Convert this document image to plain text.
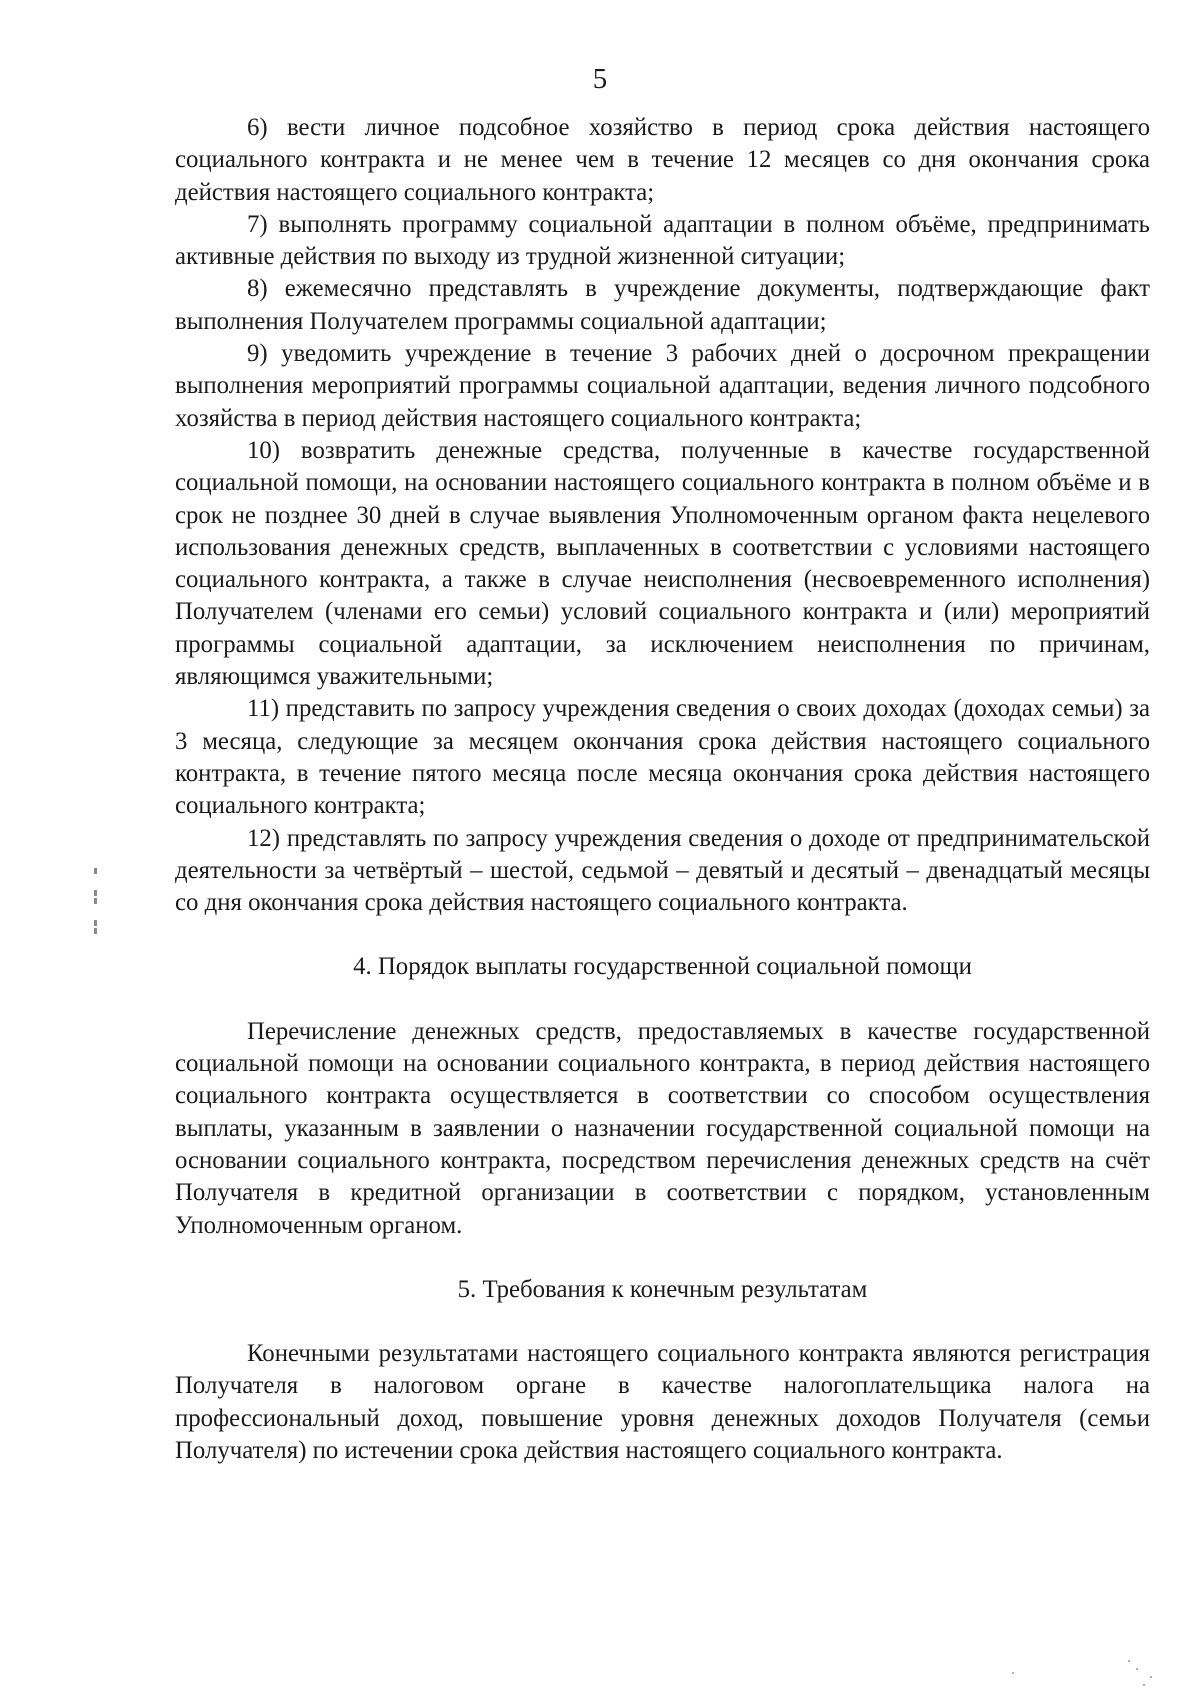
5

6) вести личное подсобное хозяйство в период срока действия настоящего социального контракта и не менее чем в течение 12 месяцев со дня окончания срока действия настоящего социального контракта;

7) выполнять программу социальной адаптации в полном объёме, предпринимать активные действия по выходу из трудной жизненной ситуации;

8) ежемесячно представлять в учреждение документы, подтверждающие факт выполнения Получателем программы социальной адаптации;

9) уведомить учреждение в течение 3 рабочих дней о досрочном прекращении выполнения мероприятий программы социальной адаптации, ведения личного подсобного хозяйства в период действия настоящего социального контракта;

10) возвратить денежные средства, полученные в качестве государственной социальной помощи, на основании настоящего социального контракта в полном объёме и в срок не позднее 30 дней в случае выявления Уполномоченным органом факта нецелевого использования денежных средств, выплаченных в соответствии с условиями настоящего социального контракта, а также в случае неисполнения (несвоевременного исполнения) Получателем (членами его семьи) условий социального контракта и (или) мероприятий программы социальной адаптации, за исключением неисполнения по причинам, являющимся уважительными;

11) представить по запросу учреждения сведения о своих доходах (доходах семьи) за 3 месяца, следующие за месяцем окончания срока действия настоящего социального контракта, в течение пятого месяца после месяца окончания срока действия настоящего социального контракта;

12) представлять по запросу учреждения сведения о доходе от предпринимательской деятельности за четвёртый – шестой, седьмой – девятый и десятый – двенадцатый месяцы со дня окончания срока действия настоящего социального контракта.

4. Порядок выплаты государственной социальной помощи

Перечисление денежных средств, предоставляемых в качестве государственной социальной помощи на основании социального контракта, в период действия настоящего социального контракта осуществляется в соответствии со способом осуществления выплаты, указанным в заявлении о назначении государственной социальной помощи на основании социального контракта, посредством перечисления денежных средств на счёт Получателя в кредитной организации в соответствии с порядком, установленным Уполномоченным органом.

5. Требования к конечным результатам

Конечными результатами настоящего социального контракта являются регистрация Получателя в налоговом органе в качестве налогоплательщика налога на профессиональный доход, повышение уровня денежных доходов Получателя (семьи Получателя) по истечении срока действия настоящего социального контракта.
